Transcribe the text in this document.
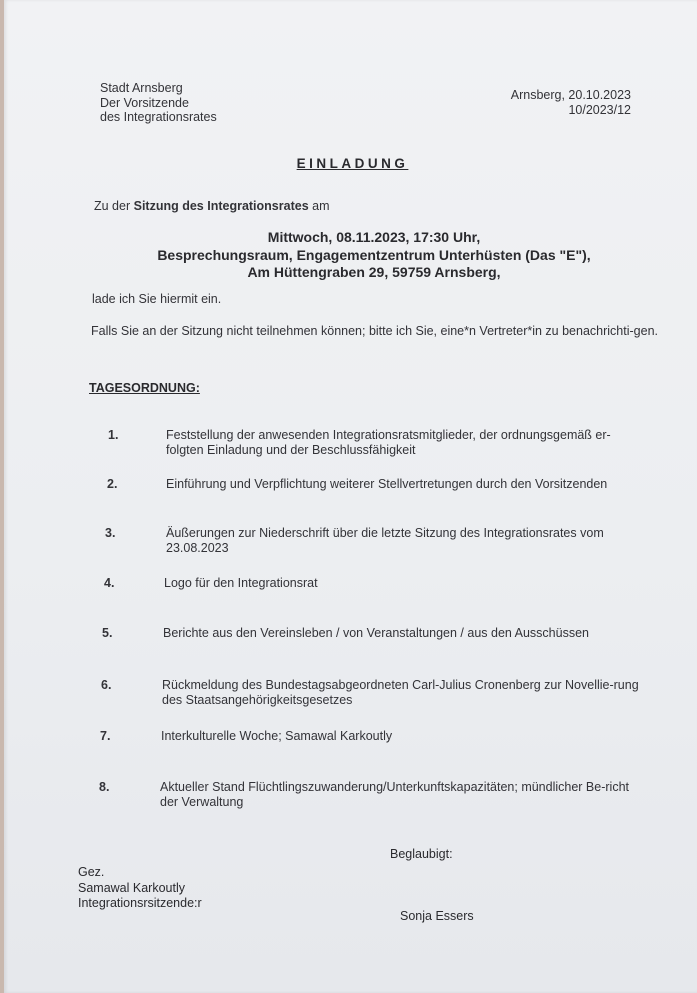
Stadt Arnsberg
Der Vorsitzende
des Integrationsrates
Arnsberg, 20.10.2023
10/2023/12
EINLADUNG
Zu der Sitzung des Integrationsrates am
Mittwoch, 08.11.2023, 17:30 Uhr,
Besprechungsraum, Engagementzentrum Unterhüsten (Das "E"),
Am Hüttengraben 29, 59759 Arnsberg,
lade ich Sie hiermit ein.
Falls Sie an der Sitzung nicht teilnehmen können; bitte ich Sie, eine*n Vertreter*in zu benachrichti-gen.
TAGESORDNUNG:
1.	Feststellung der anwesenden Integrationsratsmitglieder, der ordnungsgemäß er-folgten Einladung und der Beschlussfähigkeit
2.	Einführung und Verpflichtung weiterer Stellvertretungen durch den Vorsitzenden
3.	Äußerungen zur Niederschrift über die letzte Sitzung des Integrationsrates vom 23.08.2023
4.	Logo für den Integrationsrat
5.	Berichte aus den Vereinsleben / von Veranstaltungen / aus den Ausschüssen
6.	Rückmeldung des Bundestagsabgeordneten Carl-Julius Cronenberg zur Novellie-rung des Staatsangehörigkeitsgesetzes
7.	Interkulturelle Woche; Samawal Karkoutly
8.	Aktueller Stand Flüchtlingszuwanderung/Unterkunftskapazitäten; mündlicher Be-richt der Verwaltung
Beglaubigt:
Gez.
Samawal Karkoutly
Integrationsrsitzende:r
Sonja Essers
